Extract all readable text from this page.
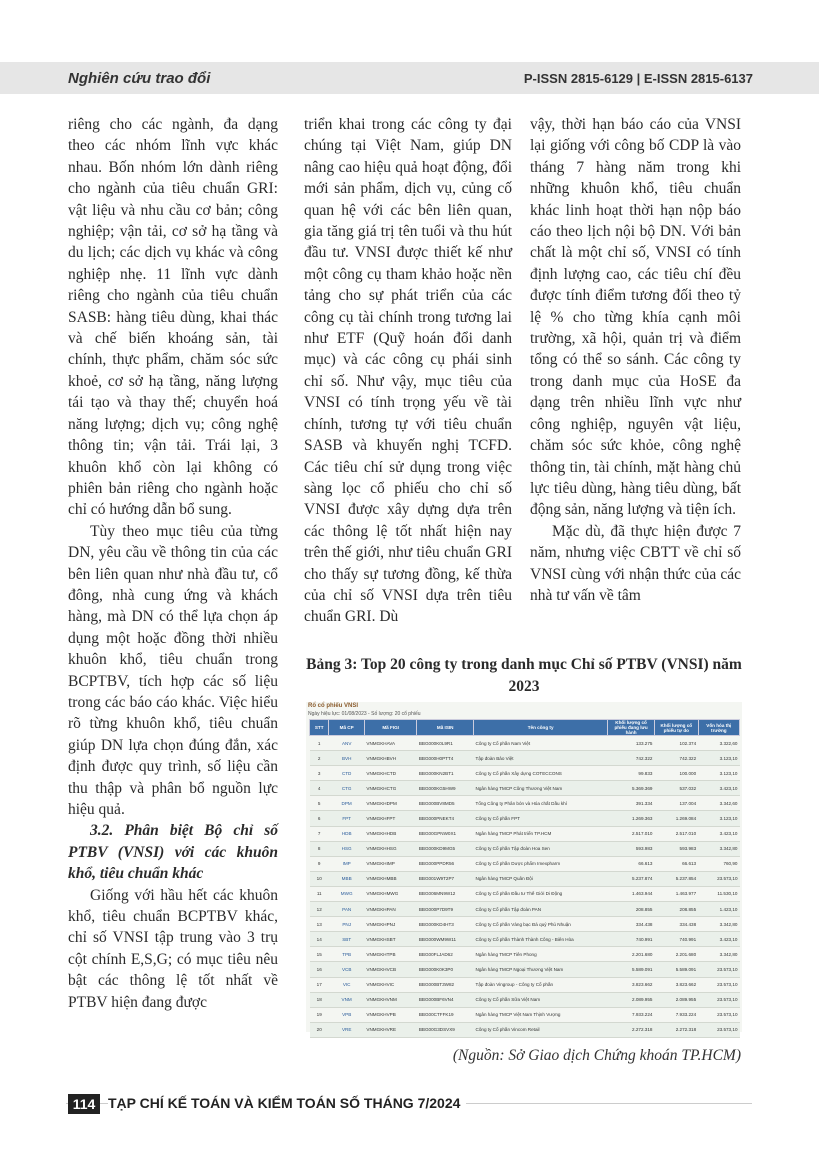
Nghiên cứu trao đổi	P-ISSN 2815-6129 | E-ISSN 2815-6137

riêng cho các ngành, đa dạng theo các nhóm lĩnh vực khác nhau. Bốn nhóm lớn dành riêng cho ngành của tiêu chuẩn GRI: vật liệu và nhu cầu cơ bản; công nghiệp; vận tải, cơ sở hạ tầng và du lịch; các dịch vụ khác và công nghiệp nhẹ. 11 lĩnh vực dành riêng cho ngành của tiêu chuẩn SASB: hàng tiêu dùng, khai thác và chế biến khoáng sản, tài chính, thực phẩm, chăm sóc sức khoẻ, cơ sở hạ tầng, năng lượng tái tạo và thay thế; chuyển hoá năng lượng; dịch vụ; công nghệ thông tin; vận tải. Trái lại, 3 khuôn khổ còn lại không có phiên bản riêng cho ngành hoặc chỉ có hướng dẫn bổ sung.

Tùy theo mục tiêu của từng DN, yêu cầu về thông tin của các bên liên quan như nhà đầu tư, cổ đông, nhà cung ứng và khách hàng, mà DN có thể lựa chọn áp dụng một hoặc đồng thời nhiều khuôn khổ, tiêu chuẩn trong BCPTBV, tích hợp các số liệu trong các báo cáo khác. Việc hiểu rõ từng khuôn khổ, tiêu chuẩn giúp DN lựa chọn đúng đắn, xác định được quy trình, số liệu cần thu thập và phân bổ nguồn lực hiệu quả.

3.2. Phân biệt Bộ chỉ số PTBV (VNSI) với các khuôn khổ, tiêu chuẩn khác

Giống với hầu hết các khuôn khổ, tiêu chuẩn BCPTBV khác, chỉ số VNSI tập trung vào 3 trụ cột chính E,S,G; có mục tiêu nêu bật các thông lệ tốt nhất về PTBV hiện đang được

triển khai trong các công ty đại chúng tại Việt Nam, giúp DN nâng cao hiệu quả hoạt động, đổi mới sản phẩm, dịch vụ, củng cố quan hệ với các bên liên quan, gia tăng giá trị tên tuổi và thu hút đầu tư. VNSI được thiết kế như một công cụ tham khảo hoặc nền tảng cho sự phát triển của các công cụ tài chính trong tương lai như ETF (Quỹ hoán đổi danh mục) và các công cụ phái sinh chỉ số. Như vậy, mục tiêu của VNSI có tính trọng yếu về tài chính, tương tự với tiêu chuẩn SASB và khuyến nghị TCFD. Các tiêu chí sử dụng trong việc sàng lọc cổ phiếu cho chỉ số VNSI được xây dựng dựa trên các thông lệ tốt nhất hiện nay trên thế giới, như tiêu chuẩn GRI cho thấy sự tương đồng, kế thừa của chỉ số VNSI dựa trên tiêu chuẩn GRI. Dù

vậy, thời hạn báo cáo của VNSI lại giống với công bố CDP là vào tháng 7 hàng năm trong khi những khuôn khổ, tiêu chuẩn khác linh hoạt thời hạn nộp báo cáo theo lịch nội bộ DN. Với bản chất là một chỉ số, VNSI có tính định lượng cao, các tiêu chí đều được tính điểm tương đối theo tỷ lệ % cho từng khía cạnh môi trường, xã hội, quản trị và điểm tổng có thể so sánh. Các công ty trong danh mục của HoSE đa dạng trên nhiều lĩnh vực như công nghiệp, nguyên vật liệu, chăm sóc sức khỏe, công nghệ thông tin, tài chính, mặt hàng chủ lực tiêu dùng, hàng tiêu dùng, bất động sản, năng lượng và tiện ích.

Mặc dù, đã thực hiện được 7 năm, nhưng việc CBTT về chỉ số VNSI cùng với nhận thức của các nhà tư vấn về tâm

Bảng 3: Top 20 công ty trong danh mục Chỉ số PTBV (VNSI) năm 2023
Rổ cổ phiếu VNSI
Ngày hiệu lực: 01/08/2023 - Số lượng: 20 cổ phiếu
STT	Mã CP	Mã FIGI	Mã ISIN	Tên công ty	Khối lượng cổ phiếu đang lưu hành	Khối lượng cổ phiếu tự do	Vốn hóa thị trường
1	ANV	VNMGKHAVA	BBG000K0L9R1	Công ty Cổ phần Nam Việt	133.275	102.374	3.322,60
2	BVH	VNMGKHBVH	BBG000H0PTT4	Tập đoàn Bảo Việt	742.322	742.322	3.123,10
3	CTD	VNMGKHCTD	BBG000KN2BT1	Công ty Cổ phần Xây dựng COTECCONS	99.833	100.000	3.123,10
4	CTG	VNMGKHCTG	BBG000KG5HW9	Ngân hàng TMCP Công Thương Việt Nam	5.369.369	537.032	3.423,10
5	DPM	VNMGKHDPM	BBG000BV8MD5	Tổng Công ty Phân bón và Hóa chất Dầu khí	391.334	137.004	3.342,60
6	FPT	VNMGKHFPT	BBG000PNEKT4	Công ty Cổ phần FPT	1.269.363	1.269.084	3.123,10
7	HDB	VNMGKHHDB	BBG00GPNW0X1	Ngân hàng TMCP Phát triển TP.HCM	2.517.010	2.517.010	3.423,10
8	HSG	VNMGKHHSG	BBG000KD9MG5	Công ty Cổ phần Tập đoàn Hoa Sen	593.983	593.983	3.342,80
9	IMP	VNMGKHIMP	BBG000PPDR56	Công ty Cổ phần Dược phẩm Imexpharm	66.613	66.613	760,90
10	MBB	VNMGKHMBB	BBG001W9T2P7	Ngân hàng TMCP Quân Đội	5.237.874	5.237.854	23.573,10
11	MWG	VNMGKHMWG	BBG006MN9W12	Công ty Cổ phần Đầu tư Thế Giới Di Động	1.463.944	1.463.977	11.530,10
12	PAN	VNMGKHPAN	BBG000P7D9T9	Công ty Cổ phần Tập đoàn PAN	208.855	208.855	1.423,10
13	PNJ	VNMGKHPNJ	BBG000KD4HT3	Công ty Cổ phần Vàng bạc Đá quý Phú Nhuận	334.438	334.438	3.342,80
14	SBT	VNMGKHSBT	BBG000WM9W11	Công ty Cổ phần Thành Thành Công - Biên Hòa	740.991	740.991	3.423,10
15	TPB	VNMGKHTPB	BBG00FLJAD62	Ngân hàng TMCP Tiên Phong	2.201.680	2.201.680	3.342,80
16	VCB	VNMGKHVCB	BBG000K0K3P0	Ngân hàng TMCP Ngoại Thương Việt Nam	5.589.091	5.589.091	23.573,10
17	VIC	VNMGKHVIC	BBG000BT3W82	Tập đoàn Vingroup - Công ty Cổ phần	3.823.662	3.823.662	23.573,10
18	VNM	VNMGKHVNM	BBG000BF6VN4	Công ty Cổ phần Sữa Việt Nam	2.089.955	2.089.955	23.573,10
19	VPB	VNMGKHVPB	BBG00CTFFK19	Ngân hàng TMCP Việt Nam Thịnh Vượng	7.933.224	7.933.224	23.573,10
20	VRE	VNMGKHVRE	BBG00G3DSVX9	Công ty Cổ phần Vincom Retail	2.272.318	2.272.318	23.573,10
(Nguồn: Sở Giao dịch Chứng khoán TP.HCM)
114 TẠP CHÍ KẾ TOÁN VÀ KIỂM TOÁN SỐ THÁNG 7/2024
